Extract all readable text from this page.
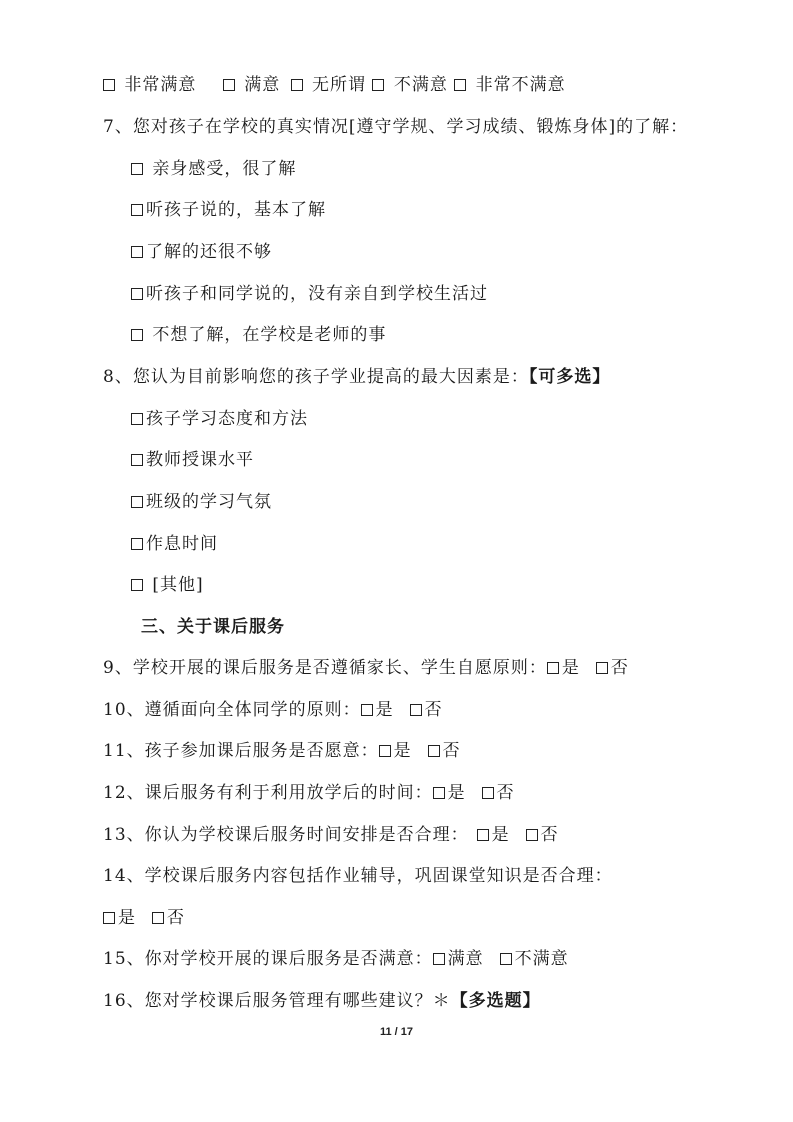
非常满意	满意 无所谓 不满意 非常不满意
7、您对孩子在学校的真实情况[遵守学规、学习成绩、锻炼身体]的了解：
亲身感受，很了解
听孩子说的，基本了解
了解的还很不够
听孩子和同学说的，没有亲自到学校生活过
不想了解，在学校是老师的事
8、您认为目前影响您的孩子学业提高的最大因素是：【可多选】
孩子学习态度和方法
教师授课水平
班级的学习气氛
作息时间
[其他]
三、关于课后服务
9、学校开展的课后服务是否遵循家长、学生自愿原则： 是 否
10、遵循面向全体同学的原则： 是 否
11、孩子参加课后服务是否愿意： 是 否
12、课后服务有利于利用放学后的时间： 是 否
13、你认为学校课后服务时间安排是否合理： 是 否
14、学校课后服务内容包括作业辅导，巩固课堂知识是否合理：
是 否
15、你对学校开展的课后服务是否满意： 满意 不满意
16、您对学校课后服务管理有哪些建议？＊【多选题】
11 / 17
